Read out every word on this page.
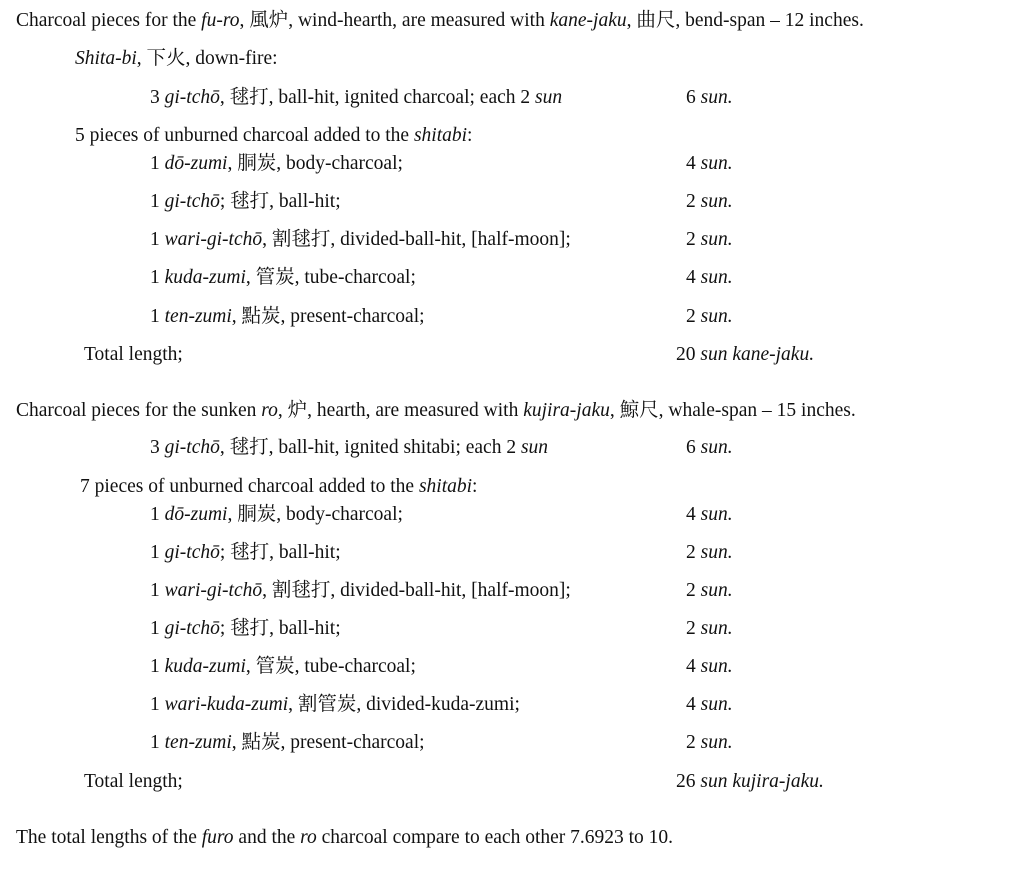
Charcoal pieces for the fu-ro, 風炉, wind-hearth, are measured with kane-jaku, 曲尺, bend-span – 12 inches.
Shita-bi, 下火, down-fire:
3 gi-tchō, 毬打, ball-hit, ignited charcoal; each 2 sun	6 sun.
5 pieces of unburned charcoal added to the shitabi:
1 dō-zumi, 胴炭, body-charcoal;	4 sun.
1 gi-tchō; 毬打, ball-hit;	2 sun.
1 wari-gi-tchō, 割毬打, divided-ball-hit, [half-moon];	2 sun.
1 kuda-zumi, 管炭, tube-charcoal;	4 sun.
1 ten-zumi, 點炭, present-charcoal;	2 sun.
Total length;	20 sun kane-jaku.
Charcoal pieces for the sunken ro, 炉, hearth, are measured with kujira-jaku, 鯨尺, whale-span – 15 inches.
3 gi-tchō, 毬打, ball-hit, ignited shitabi; each 2 sun	6 sun.
7 pieces of unburned charcoal added to the shitabi:
1 dō-zumi, 胴炭, body-charcoal;	4 sun.
1 gi-tchō; 毬打, ball-hit;	2 sun.
1 wari-gi-tchō, 割毬打, divided-ball-hit, [half-moon];	2 sun.
1 gi-tchō; 毬打, ball-hit;	2 sun.
1 kuda-zumi, 管炭, tube-charcoal;	4 sun.
1 wari-kuda-zumi, 割管炭, divided-kuda-zumi;	4 sun.
1 ten-zumi, 點炭, present-charcoal;	2 sun.
Total length;	26 sun kujira-jaku.
The total lengths of the furo and the ro charcoal compare to each other 7.6923 to 10.
